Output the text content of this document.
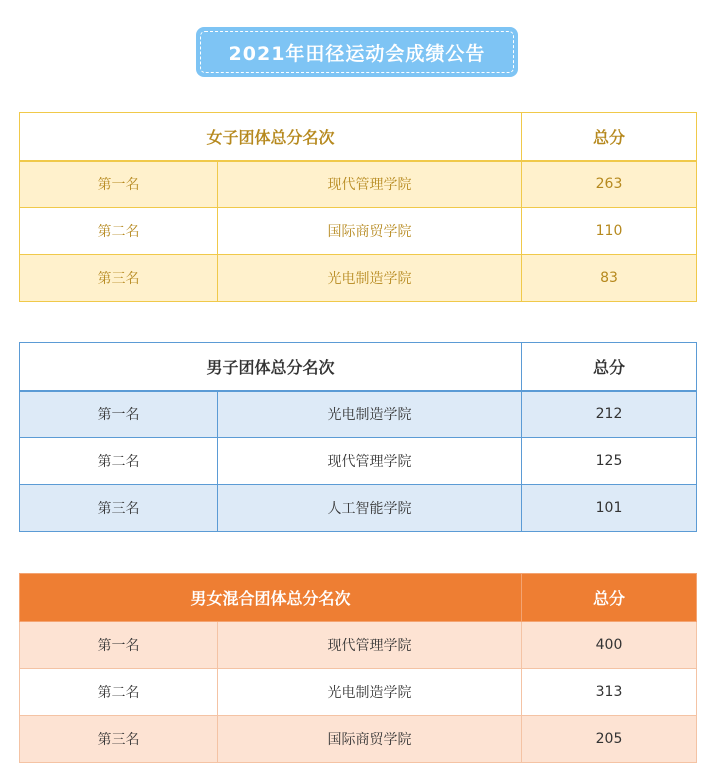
2021年田径运动会成绩公告
女子团体总分名次		总分
第一名	现代管理学院	263
第二名	国际商贸学院	110
第三名	光电制造学院	83
男子团体总分名次		总分
第一名	光电制造学院	212
第二名	现代管理学院	125
第三名	人工智能学院	101
男女混合团体总分名次		总分
第一名	现代管理学院	400
第二名	光电制造学院	313
第三名	国际商贸学院	205
